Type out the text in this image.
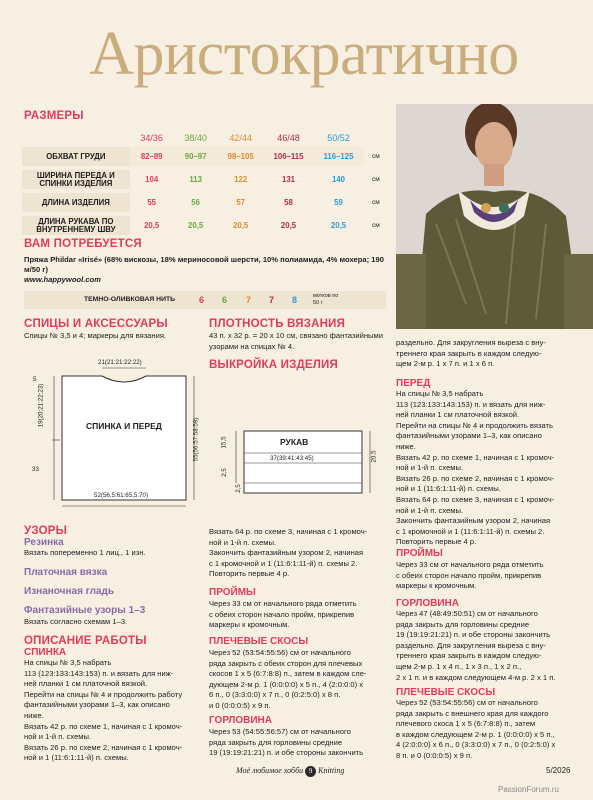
Аристократично
РАЗМЕРЫ
	34/36	38/40	42/44	46/48	50/52	
ОБХВАТ ГРУДИ	82–89	90–97	98–105	106–115	116–125	см

ШИРИНА ПЕРЕДА И СПИНКИ ИЗДЕЛИЯ	104	113	122	131	140	см

ДЛИНА ИЗДЕЛИЯ	55	56	57	58	59	см

ДЛИНА РУКАВА ПО ВНУТРЕННЕМУ ШВУ	20,5	20,5	20,5	20,5	20,5	см
ВАМ ПОТРЕБУЕТСЯ
Пряжа Phildar «Irisé» (68% вискозы, 18% мериносовой шерсти, 10% полиамида, 4% мохера; 190 м/50 г)
www.happywool.com
ТЕМНО-ОЛИВКОВАЯ НИТЬ	6 6 7 7 8	мотков по 50 г
СПИЦЫ И АКСЕССУАРЫ
Спицы № 3,5 и 4; маркеры для вязания.
ПЛОТНОСТЬ ВЯЗАНИЯ
43 п. х 32 р. = 20 х 10 см, связано фантазийными узорами на спицах № 4.
ВЫКРОЙКА ИЗДЕЛИЯ
21(21:21:22:22)
СПИНКА И ПЕРЕД
52(56,5:61:65,5:70)
5
19(20:21:22:23)
33
55(56:57:58:59)	РУКАВ
37(39:41:43:45)
15,5
2,5
2,5
20,5
УЗОРЫ
Резинка
Вязать попеременно 1 лиц., 1 изн.
Платочная вязка
Изнаночная гладь
Фантазийные узоры 1–3
Вязать согласно схемам 1–3.
ОПИСАНИЕ РАБОТЫ
СПИНКА
На спицы № 3,5 набрать
113 (123:133:143:153) п. и вязать для ниж-
ней планки 1 см платочной вязкой.
Перейти на спицы № 4 и продолжить работу
фантазийными узорами 1–3, как описано
ниже.
Вязать 42 р. по схеме 1, начиная с 1 кромоч-
ной и 1-й п. схемы.
Вязать 26 р. по схеме 2, начиная с 1 кромоч-
ной и 1 (11:6:1:11-й) п. схемы.
Вязать 64 р. по схеме 3, начиная с 1 кромоч-
ной и 1-й п. схемы.
Закончить фантазийным узором 2, начиная
с 1 кромочной и 1 (11:6:1:11-й) п. схемы 2.
Повторить первые 4 р.
ПРОЙМЫ
Через 33 см от начального ряда отметить
с обеих сторон начало пройм, прикрепив
маркеры к кромочным.
ПЛЕЧЕВЫЕ СКОСЫ
Через 52 (53:54:55:56) см от начального
ряда закрыть с обеих сторон для плечевых
скосов 1 х 5 (6:7:8:8) п., затем в каждом сле-
дующем 2-м р. 1 (0:0:0:0) х 5 п., 4 (2:0:0:0) х
6 п., 0 (3:3:0:0) х 7 п., 0 (0:2:5:0) х 8 п.
и 0 (0:0:0:5) х 9 п.
ГОРЛОВИНА
Через 53 (54:55:56:57) см от начального
ряда закрыть для горловины средние
19 (19:19:21:21) п. и обе стороны закончить
раздельно. Для закругления выреза с вну-
треннего края закрыть в каждом следую-
щем 2-м р. 1 х 7 п. и 1 х 6 п.
ПЕРЕД
На спицы № 3,5 набрать
113 (123:133:143:153) п. и вязать для ниж-
ней планки 1 см платочной вязкой.
Перейти на спицы № 4 и продолжить вязать
фантазийными узорами 1–3, как описано
ниже.
Вязать 42 р. по схеме 1, начиная с 1 кромоч-
ной и 1-й п. схемы.
Вязать 26 р. по схеме 2, начиная с 1 кромоч-
ной и 1 (11:6:1:11-й) п. схемы.
Вязать 64 р. по схеме 3, начиная с 1 кромоч-
ной и 1-й п. схемы.
Закончить фантазийным узором 2, начиная
с 1 кромочной и 1 (11:6:1:11-й) п. схемы 2.
Повторить первые 4 р.
ПРОЙМЫ
Через 33 см от начального ряда отметить
с обеих сторон начало пройм, прикрепив
маркеры к кромочным.
ГОРЛОВИНА
Через 47 (48:49:50:51) см от начального
ряда закрыть для горловины средние
19 (19:19:21:21) п. и обе стороны закончить
раздельно. Для закругления выреза с вну-
треннего края закрыть в каждом следую-
щем 2-м р. 1 х 4 п., 1 х 3 п., 1 х 2 п.,
2 х 1 п. и в каждом следующем 4-м р. 2 х 1 п.
ПЛЕЧЕВЫЕ СКОСЫ
Через 52 (53:54:55:56) см от начального
ряда закрыть с внешнего края для каждого
плечевого скоса 1 х 5 (6:7:8:8) п., затем
в каждом следующем 2-м р. 1 (0:0:0:0) х 5 п.,
4 (2:0:0:0) х 6 п., 0 (3:3:0:0) х 7 п., 0 (0:2:5:0) х
8 п. и 0 (0:0:0:5) х 9 п.
Моё любимое хобби 9 Knitting	5/2026
PassionForum.ru
